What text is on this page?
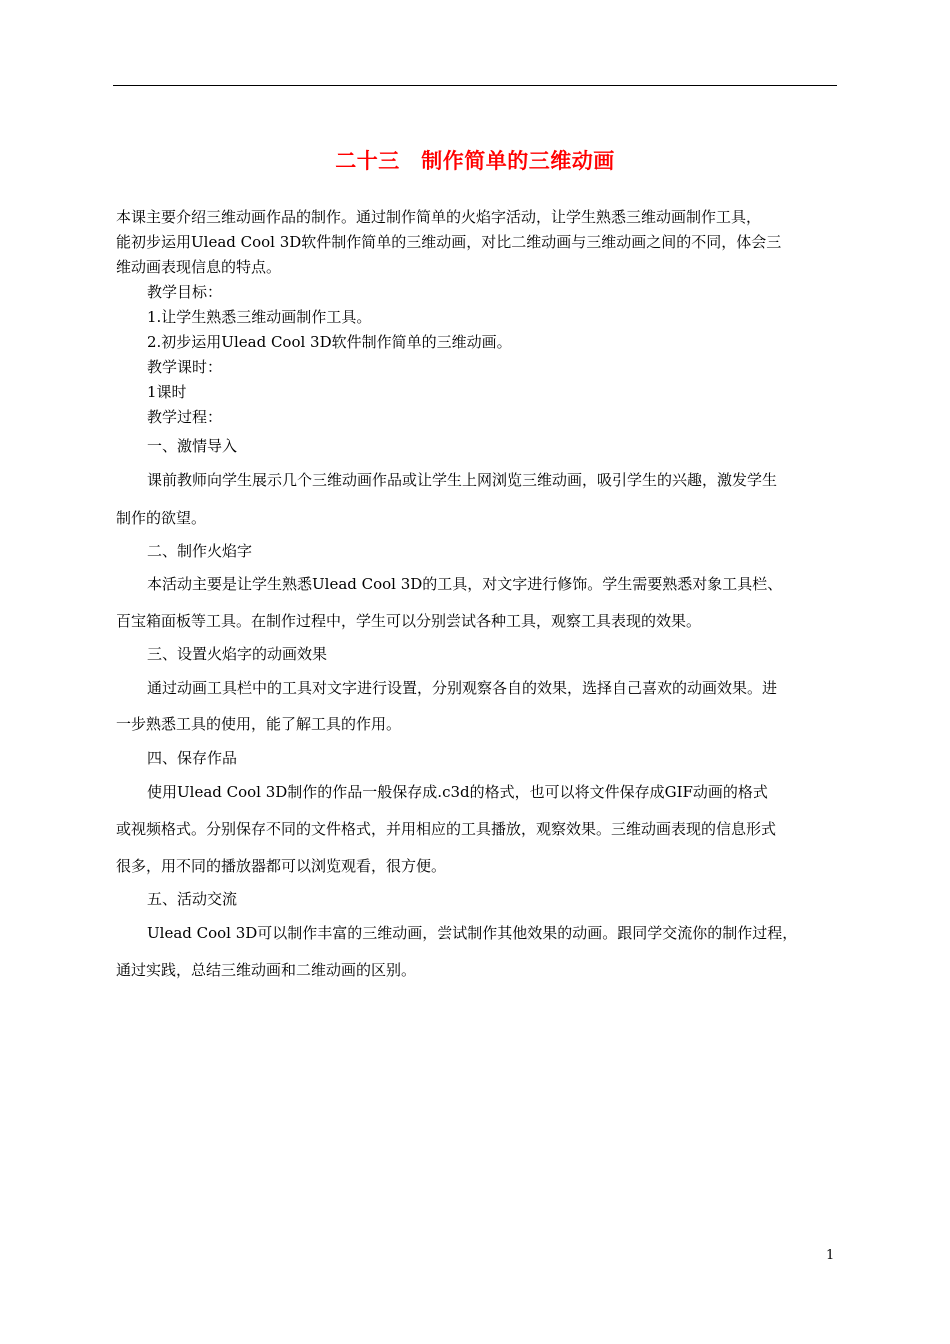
二十三　制作简单的三维动画

本课主要介绍三维动画作品的制作。通过制作简单的火焰字活动，让学生熟悉三维动画制作工具，

能初步运用Ulead Cool 3D软件制作简单的三维动画，对比二维动画与三维动画之间的不同，体会三

维动画表现信息的特点。

教学目标：

1.让学生熟悉三维动画制作工具。

2.初步运用Ulead Cool 3D软件制作简单的三维动画。

教学课时：

1课时

教学过程：

一、激情导入

课前教师向学生展示几个三维动画作品或让学生上网浏览三维动画，吸引学生的兴趣，激发学生

制作的欲望。

二、制作火焰字

本活动主要是让学生熟悉Ulead Cool 3D的工具，对文字进行修饰。学生需要熟悉对象工具栏、

百宝箱面板等工具。在制作过程中，学生可以分别尝试各种工具，观察工具表现的效果。

三、设置火焰字的动画效果

通过动画工具栏中的工具对文字进行设置，分别观察各自的效果，选择自己喜欢的动画效果。进

一步熟悉工具的使用，能了解工具的作用。

四、保存作品

使用Ulead Cool 3D制作的作品一般保存成.c3d的格式，也可以将文件保存成GIF动画的格式

或视频格式。分别保存不同的文件格式，并用相应的工具播放，观察效果。三维动画表现的信息形式

很多，用不同的播放器都可以浏览观看，很方便。

五、活动交流

Ulead Cool 3D可以制作丰富的三维动画，尝试制作其他效果的动画。跟同学交流你的制作过程，

通过实践，总结三维动画和二维动画的区别。

1
